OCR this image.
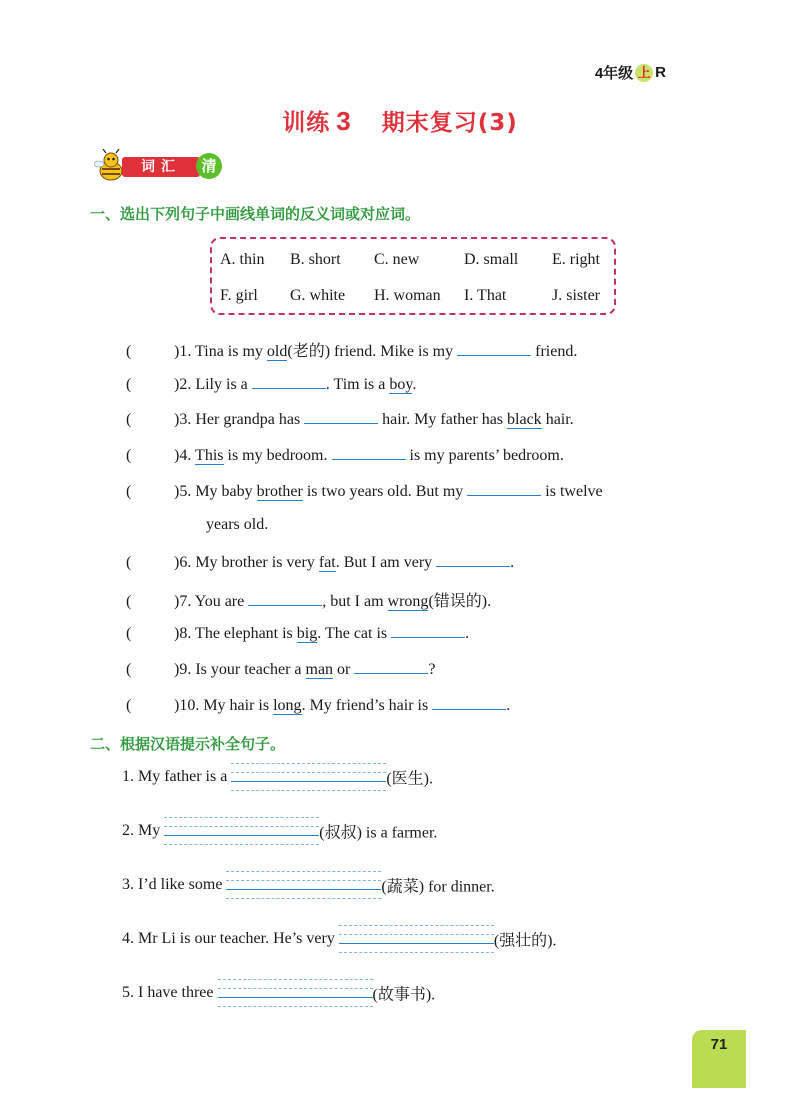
4年级 上 R
训练 3 期末复习(3)
词汇	清
一、选出下列句子中画线单词的反义词或对应词。
A. thin B. short C. new	D. small E. right
F. girl G. white H. woman I. That	J. sister
(	)1. Tina is my old(老的) friend. Mike is my	friend.
(	)2. Lily is a	. Tim is a boy.
(	)3. Her grandpa has	hair. My father has black hair.
(	)4. This is my bedroom.	is my parents’ bedroom.
(	)5. My baby brother is two years old. But my	is twelve
years old.
(	)6. My brother is very fat. But I am very	.
(	)7. You are	, but I am wrong(错误的).
(	)8. The elephant is big. The cat is	.
(	)9. Is your teacher a man or	?
(	)10. My hair is long. My friend’s hair is	.
二、根据汉语提示补全句子。
1. My father is a	(医生).
2. My	(叔叔) is a farmer.
3. I’d like some	(蔬菜) for dinner.
4. Mr Li is our teacher. He’s very	(强壮的).
5. I have three	(故事书).
71
